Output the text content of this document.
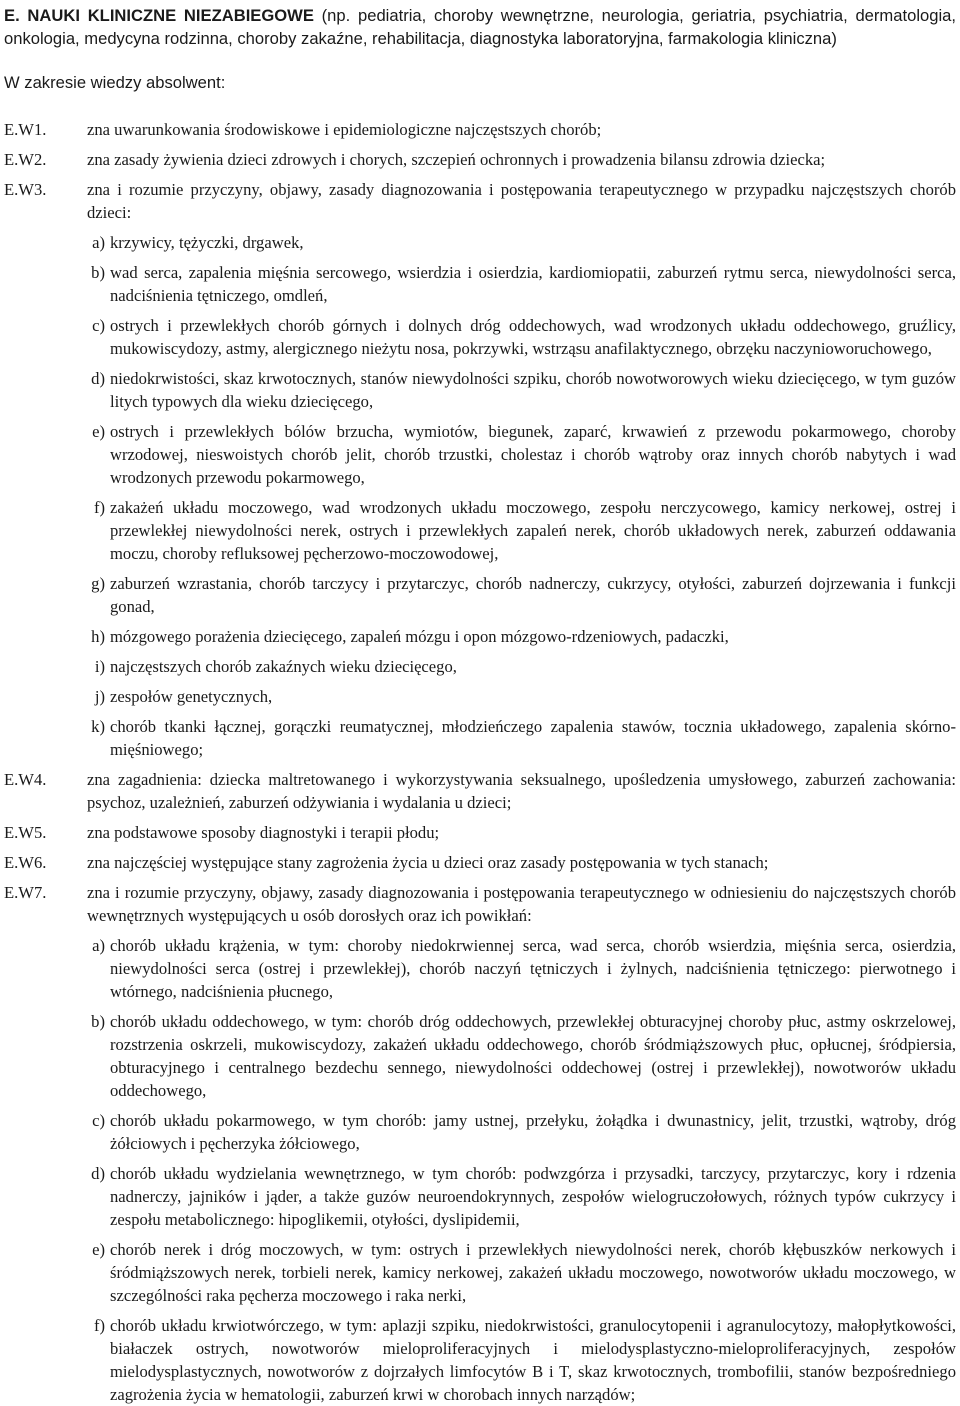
E. NAUKI KLINICZNE NIEZABIEGOWE (np. pediatria, choroby wewnętrzne, neurologia, geriatria, psychiatria, dermatologia, onkologia, medycyna rodzinna, choroby zakaźne, rehabilitacja, diagnostyka laboratoryjna, farmakologia kliniczna)

W zakresie wiedzy absolwent:
E.W1.	zna uwarunkowania środowiskowe i epidemiologiczne najczęstszych chorób;
E.W2.	zna zasady żywienia dzieci zdrowych i chorych, szczepień ochronnych i prowadzenia bilansu zdrowia dziecka;
E.W3.	zna i rozumie przyczyny, objawy, zasady diagnozowania i postępowania terapeutycznego w przypadku najczęstszych chorób dzieci:
a) krzywicy, tężyczki, drgawek,
b) wad serca, zapalenia mięśnia sercowego, wsierdzia i osierdzia, kardiomiopatii, zaburzeń rytmu serca, niewydolności serca, nadciśnienia tętniczego, omdleń,
c) ostrych i przewlekłych chorób górnych i dolnych dróg oddechowych, wad wrodzonych układu oddechowego, gruźlicy, mukowiscydozy, astmy, alergicznego nieżytu nosa, pokrzywki, wstrząsu anafilaktycznego, obrzęku naczynioworuchowego,
d) niedokrwistości, skaz krwotocznych, stanów niewydolności szpiku, chorób nowotworowych wieku dziecięcego, w tym guzów litych typowych dla wieku dziecięcego,
e) ostrych i przewlekłych bólów brzucha, wymiotów, biegunek, zaparć, krwawień z przewodu pokarmowego, choroby wrzodowej, nieswoistych chorób jelit, chorób trzustki, cholestaz i chorób wątroby oraz innych chorób nabytych i wad wrodzonych przewodu pokarmowego,
f) zakażeń układu moczowego, wad wrodzonych układu moczowego, zespołu nerczycowego, kamicy nerkowej, ostrej i przewlekłej niewydolności nerek, ostrych i przewlekłych zapaleń nerek, chorób układowych nerek, zaburzeń oddawania moczu, choroby refluksowej pęcherzowo-moczowodowej,
g) zaburzeń wzrastania, chorób tarczycy i przytarczyc, chorób nadnerczy, cukrzycy, otyłości, zaburzeń dojrzewania i funkcji gonad,
h) mózgowego porażenia dziecięcego, zapaleń mózgu i opon mózgowo-rdzeniowych, padaczki,
i) najczęstszych chorób zakaźnych wieku dziecięcego,
j) zespołów genetycznych,
k) chorób tkanki łącznej, gorączki reumatycznej, młodzieńczego zapalenia stawów, tocznia układowego, zapalenia skórno-mięśniowego;
E.W4.	zna zagadnienia: dziecka maltretowanego i wykorzystywania seksualnego, upośledzenia umysłowego, zaburzeń zachowania: psychoz, uzależnień, zaburzeń odżywiania i wydalania u dzieci;
E.W5.	zna podstawowe sposoby diagnostyki i terapii płodu;
E.W6.	zna najczęściej występujące stany zagrożenia życia u dzieci oraz zasady postępowania w tych stanach;
E.W7.	zna i rozumie przyczyny, objawy, zasady diagnozowania i postępowania terapeutycznego w odniesieniu do najczęstszych chorób wewnętrznych występujących u osób dorosłych oraz ich powikłań:
a) chorób układu krążenia, w tym: choroby niedokrwiennej serca, wad serca, chorób wsierdzia, mięśnia serca, osierdzia, niewydolności serca (ostrej i przewlekłej), chorób naczyń tętniczych i żylnych, nadciśnienia tętniczego: pierwotnego i wtórnego, nadciśnienia płucnego,
b) chorób układu oddechowego, w tym: chorób dróg oddechowych, przewlekłej obturacyjnej choroby płuc, astmy oskrzelowej, rozstrzenia oskrzeli, mukowiscydozy, zakażeń układu oddechowego, chorób śródmiąższowych płuc, opłucnej, śródpiersia, obturacyjnego i centralnego bezdechu sennego, niewydolności oddechowej (ostrej i przewlekłej), nowotworów układu oddechowego,
c) chorób układu pokarmowego, w tym chorób: jamy ustnej, przełyku, żołądka i dwunastnicy, jelit, trzustki, wątroby, dróg żółciowych i pęcherzyka żółciowego,
d) chorób układu wydzielania wewnętrznego, w tym chorób: podwzgórza i przysadki, tarczycy, przytarczyc, kory i rdzenia nadnerczy, jajników i jąder, a także guzów neuroendokrynnych, zespołów wielogruczołowych, różnych typów cukrzycy i zespołu metabolicznego: hipoglikemii, otyłości, dyslipidemii,
e) chorób nerek i dróg moczowych, w tym: ostrych i przewlekłych niewydolności nerek, chorób kłębuszków nerkowych i śródmiąższowych nerek, torbieli nerek, kamicy nerkowej, zakażeń układu moczowego, nowotworów układu moczowego, w szczególności raka pęcherza moczowego i raka nerki,
f) chorób układu krwiotwórczego, w tym: aplazji szpiku, niedokrwistości, granulocytopenii i agranulocytozy, małopłytkowości, białaczek ostrych, nowotworów mieloproliferacyjnych i mielodysplastyczno-mieloproliferacyjnych, zespołów mielodysplastycznych, nowotworów z dojrzałych limfocytów B i T, skaz krwotocznych, trombofilii, stanów bezpośredniego zagrożenia życia w hematologii, zaburzeń krwi w chorobach innych narządów;
